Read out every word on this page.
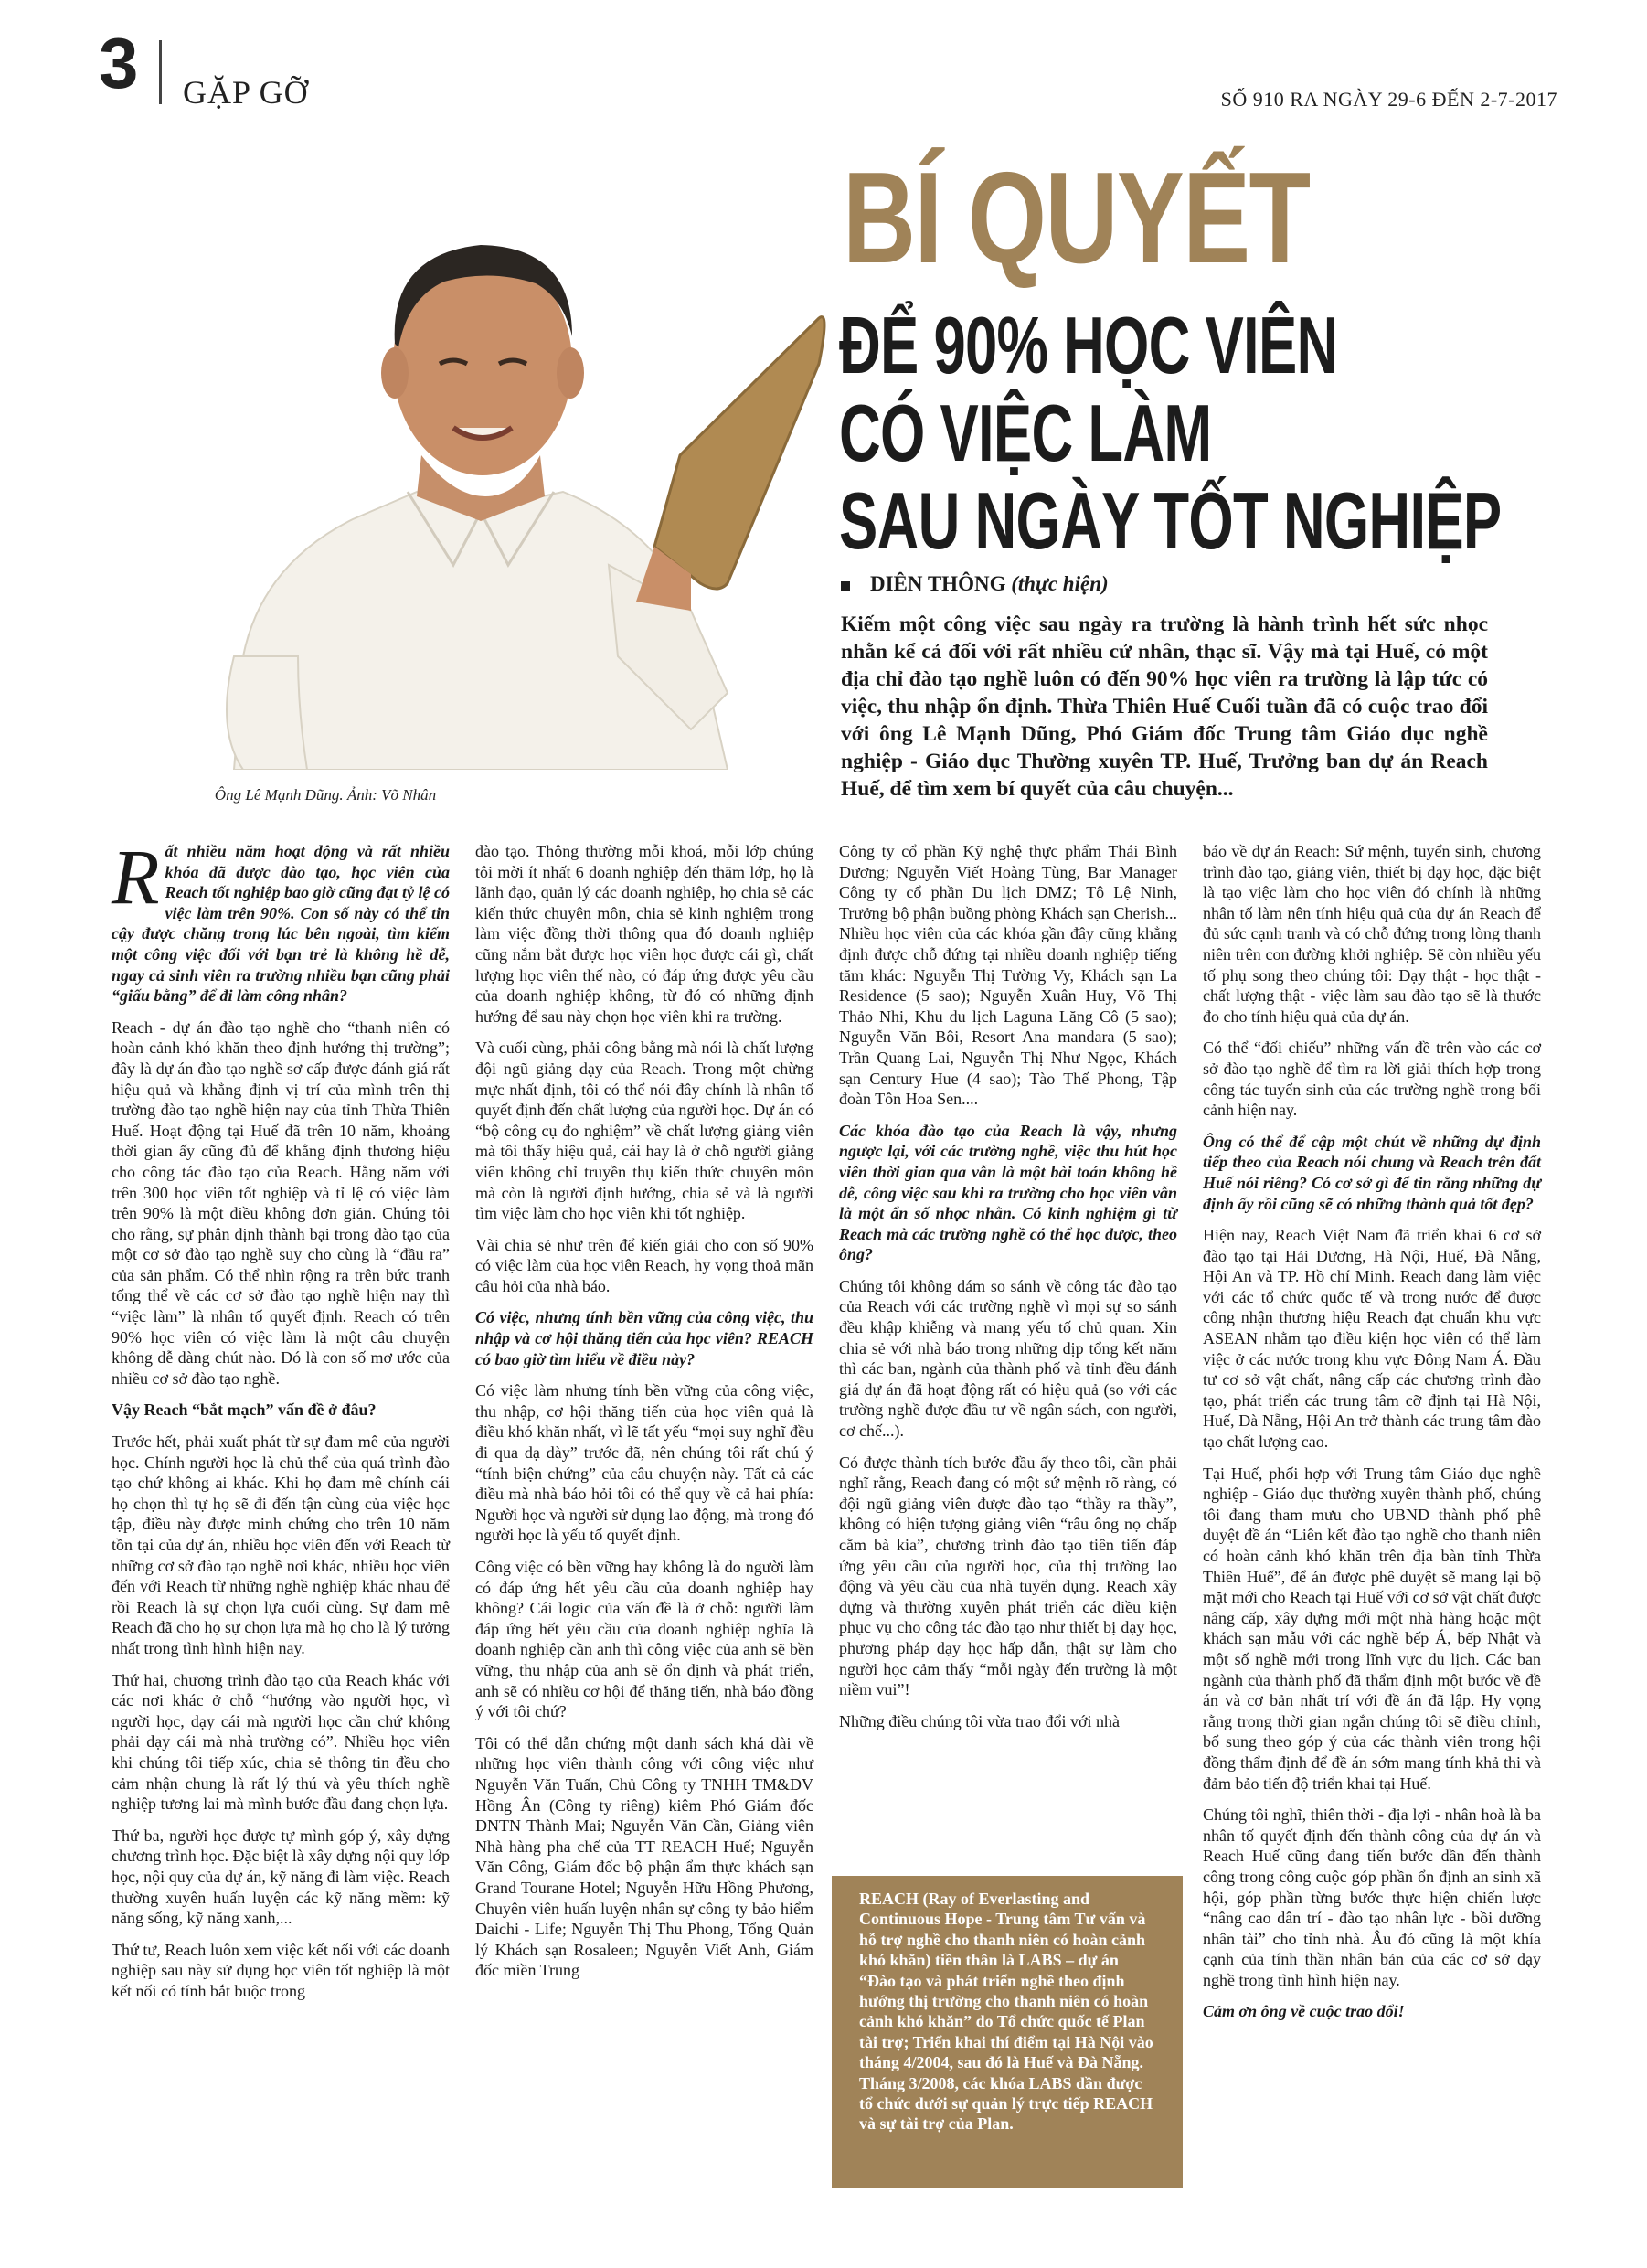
3 GẶP GỠ	SỐ 910 RA NGÀY 29-6 ĐẾN 2-7-2017
Ông Lê Mạnh Dũng. Ảnh: Võ Nhân
BÍ QUYẾT
ĐỂ 90% HỌC VIÊN
CÓ VIỆC LÀM
SAU NGÀY TỐT NGHIỆP
DIÊN THÔNG (thực hiện)
Kiếm một công việc sau ngày ra trường là hành trình hết sức nhọc nhằn kể cả đối với rất nhiều cử nhân, thạc sĩ. Vậy mà tại Huế, có một địa chỉ đào tạo nghề luôn có đến 90% học viên ra trường là lập tức có việc, thu nhập ổn định. Thừa Thiên Huế Cuối tuần đã có cuộc trao đổi với ông Lê Mạnh Dũng, Phó Giám đốc Trung tâm Giáo dục nghề nghiệp - Giáo dục Thường xuyên TP. Huế, Trưởng ban dự án Reach Huế, để tìm xem bí quyết của câu chuyện...

Rất nhiều năm hoạt động và rất nhiều khóa đã được đào tạo, học viên của Reach tốt nghiệp bao giờ cũng đạt tỷ lệ có việc làm trên 90%. Con số này có thể tin cậy được chăng trong lúc bên ngoài, tìm kiếm một công việc đối với bạn trẻ là không hề dễ, ngay cả sinh viên ra trường nhiều bạn cũng phải “giấu bằng” để đi làm công nhân?

Reach - dự án đào tạo nghề cho “thanh niên có hoàn cảnh khó khăn theo định hướng thị trường”; đây là dự án đào tạo nghề sơ cấp được đánh giá rất hiệu quả và khẳng định vị trí của mình trên thị trường đào tạo nghề hiện nay của tỉnh Thừa Thiên Huế. Hoạt động tại Huế đã trên 10 năm, khoảng thời gian ấy cũng đủ để khẳng định thương hiệu cho công tác đào tạo của Reach. Hằng năm với trên 300 học viên tốt nghiệp và tỉ lệ có việc làm trên 90% là một điều không đơn giản. Chúng tôi cho rằng, sự phân định thành bại trong đào tạo của một cơ sở đào tạo nghề suy cho cùng là “đầu ra” của sản phẩm. Có thể nhìn rộng ra trên bức tranh tổng thể về các cơ sở đào tạo nghề hiện nay thì “việc làm” là nhân tố quyết định. Reach có trên 90% học viên có việc làm là một câu chuyện không dễ dàng chút nào. Đó là con số mơ ước của nhiều cơ sở đào tạo nghề.

Vậy Reach “bắt mạch” vấn đề ở đâu?

Trước hết, phải xuất phát từ sự đam mê của người học. Chính người học là chủ thể của quá trình đào tạo chứ không ai khác. Khi họ đam mê chính cái họ chọn thì tự họ sẽ đi đến tận cùng của việc học tập, điều này được minh chứng cho trên 10 năm tồn tại của dự án, nhiều học viên đến với Reach từ những cơ sở đào tạo nghề nơi khác, nhiều học viên đến với Reach từ những nghề nghiệp khác nhau để rồi Reach là sự chọn lựa cuối cùng. Sự đam mê Reach đã cho họ sự chọn lựa mà họ cho là lý tưởng nhất trong tình hình hiện nay.

Thứ hai, chương trình đào tạo của Reach khác với các nơi khác ở chỗ “hướng vào người học, vì người học, dạy cái mà người học cần chứ không phải dạy cái mà nhà trường có”. Nhiều học viên khi chúng tôi tiếp xúc, chia sẻ thông tin đều cho cảm nhận chung là rất lý thú và yêu thích nghề nghiệp tương lai mà mình bước đầu đang chọn lựa.

Thứ ba, người học được tự mình góp ý, xây dựng chương trình học. Đặc biệt là xây dựng nội quy lớp học, nội quy của dự án, kỹ năng đi làm việc. Reach thường xuyên huấn luyện các kỹ năng mềm: kỹ năng sống, kỹ năng xanh,...

Thứ tư, Reach luôn xem việc kết nối với các doanh nghiệp sau này sử dụng học viên tốt nghiệp là một kết nối có tính bắt buộc trong

đào tạo. Thông thường mỗi khoá, mỗi lớp chúng tôi mời ít nhất 6 doanh nghiệp đến thăm lớp, họ là lãnh đạo, quản lý các doanh nghiệp, họ chia sẻ các kiến thức chuyên môn, chia sẻ kinh nghiệm trong làm việc đồng thời thông qua đó doanh nghiệp cũng nắm bắt được học viên học được cái gì, chất lượng học viên thế nào, có đáp ứng được yêu cầu của doanh nghiệp không, từ đó có những định hướng để sau này chọn học viên khi ra trường.

Và cuối cùng, phải công bằng mà nói là chất lượng đội ngũ giảng dạy của Reach. Trong một chừng mực nhất định, tôi có thể nói đây chính là nhân tố quyết định đến chất lượng của người học. Dự án có “bộ công cụ đo nghiệm” về chất lượng giảng viên mà tôi thấy hiệu quả, cái hay là ở chỗ người giảng viên không chỉ truyền thụ kiến thức chuyên môn mà còn là người định hướng, chia sẻ và là người tìm việc làm cho học viên khi tốt nghiệp.

Vài chia sẻ như trên để kiến giải cho con số 90% có việc làm của học viên Reach, hy vọng thoả mãn câu hỏi của nhà báo.

Có việc, nhưng tính bền vững của công việc, thu nhập và cơ hội thăng tiến của học viên? REACH có bao giờ tìm hiểu về điều này?

Có việc làm nhưng tính bền vững của công việc, thu nhập, cơ hội thăng tiến của học viên quả là điều khó khăn nhất, vì lẽ tất yếu “mọi suy nghĩ đều đi qua dạ dày” trước đã, nên chúng tôi rất chú ý “tính biện chứng” của câu chuyện này. Tất cả các điều mà nhà báo hỏi tôi có thể quy về cả hai phía: Người học và người sử dụng lao động, mà trong đó người học là yếu tố quyết định.

Công việc có bền vững hay không là do người làm có đáp ứng hết yêu cầu của doanh nghiệp hay không? Cái logic của vấn đề là ở chỗ: người làm đáp ứng hết yêu cầu của doanh nghiệp nghĩa là doanh nghiệp cần anh thì công việc của anh sẽ bền vững, thu nhập của anh sẽ ổn định và phát triển, anh sẽ có nhiều cơ hội để thăng tiến, nhà báo đồng ý với tôi chứ?

Tôi có thể dẫn chứng một danh sách khá dài về những học viên thành công với công việc như Nguyễn Văn Tuấn, Chủ Công ty TNHH TM&DV Hồng Ân (Công ty riêng) kiêm Phó Giám đốc DNTN Thành Mai; Nguyễn Văn Cần, Giảng viên Nhà hàng pha chế của TT REACH Huế; Nguyễn Văn Công, Giám đốc bộ phận ẩm thực khách sạn Grand Tourane Hotel; Nguyễn Hữu Hồng Phương, Chuyên viên huấn luyện nhân sự công ty bảo hiểm Daichi - Life; Nguyễn Thị Thu Phong, Tổng Quản lý Khách sạn Rosaleen; Nguyễn Viết Anh, Giám đốc miền Trung

Công ty cổ phần Kỹ nghệ thực phẩm Thái Bình Dương; Nguyễn Viết Hoàng Tùng, Bar Manager Công ty cổ phần Du lịch DMZ; Tô Lệ Ninh, Trưởng bộ phận buồng phòng Khách sạn Cherish... Nhiều học viên của các khóa gần đây cũng khẳng định được chỗ đứng tại nhiều doanh nghiệp tiếng tăm khác: Nguyễn Thị Tường Vy, Khách sạn La Residence (5 sao); Nguyễn Xuân Huy, Võ Thị Thảo Nhi, Khu du lịch Laguna Lăng Cô (5 sao); Nguyễn Văn Bôi, Resort Ana mandara (5 sao); Trần Quang Lai, Nguyễn Thị Như Ngọc, Khách sạn Century Hue (4 sao); Tào Thế Phong, Tập đoàn Tôn Hoa Sen....

Các khóa đào tạo của Reach là vậy, nhưng ngược lại, với các trường nghề, việc thu hút học viên thời gian qua vẫn là một bài toán không hề dễ, công việc sau khi ra trường cho học viên vẫn là một ẩn số nhọc nhằn. Có kinh nghiệm gì từ Reach mà các trường nghề có thể học được, theo ông?

Chúng tôi không dám so sánh về công tác đào tạo của Reach với các trường nghề vì mọi sự so sánh đều khập khiễng và mang yếu tố chủ quan. Xin chia sẻ với nhà báo trong những dịp tổng kết năm thì các ban, ngành của thành phố và tỉnh đều đánh giá dự án đã hoạt động rất có hiệu quả (so với các trường nghề được đầu tư về ngân sách, con người, cơ chế...).

Có được thành tích bước đầu ấy theo tôi, cần phải nghĩ rằng, Reach đang có một sứ mệnh rõ ràng, có đội ngũ giảng viên được đào tạo “thầy ra thầy”, không có hiện tượng giảng viên “râu ông nọ chấp cằm bà kia”, chương trình đào tạo tiên tiến đáp ứng yêu cầu của người học, của thị trường lao động và yêu cầu của nhà tuyển dụng. Reach xây dựng và thường xuyên phát triển các điều kiện phục vụ cho công tác đào tạo như thiết bị dạy học, phương pháp dạy học hấp dẫn, thật sự làm cho người học cảm thấy “mỗi ngày đến trường là một niềm vui”!

Những điều chúng tôi vừa trao đổi với nhà

REACH (Ray of Everlasting and Continuous Hope - Trung tâm Tư vấn và hỗ trợ nghề cho thanh niên có hoàn cảnh khó khăn) tiền thân là LABS – dự án “Đào tạo và phát triển nghề theo định hướng thị trường cho thanh niên có hoàn cảnh khó khăn” do Tổ chức quốc tế Plan tài trợ; Triển khai thí điểm tại Hà Nội vào tháng 4/2004, sau đó là Huế và Đà Nẵng. Tháng 3/2008, các khóa LABS dần được tổ chức dưới sự quản lý trực tiếp REACH và sự tài trợ của Plan.

báo về dự án Reach: Sứ mệnh, tuyển sinh, chương trình đào tạo, giảng viên, thiết bị dạy học, đặc biệt là tạo việc làm cho học viên đó chính là những nhân tố làm nên tính hiệu quả của dự án Reach để đủ sức cạnh tranh và có chỗ đứng trong lòng thanh niên trên con đường khởi nghiệp. Sẽ còn nhiều yếu tố phụ song theo chúng tôi: Dạy thật - học thật - chất lượng thật - việc làm sau đào tạo sẽ là thước đo cho tính hiệu quả của dự án.

Có thể “đối chiếu” những vấn đề trên vào các cơ sở đào tạo nghề để tìm ra lời giải thích hợp trong công tác tuyển sinh của các trường nghề trong bối cảnh hiện nay.

Ông có thể để cập một chút về những dự định tiếp theo của Reach nói chung và Reach trên đất Huế nói riêng? Có cơ sở gì để tin rằng những dự định ấy rồi cũng sẽ có những thành quả tốt đẹp?

Hiện nay, Reach Việt Nam đã triển khai 6 cơ sở đào tạo tại Hải Dương, Hà Nội, Huế, Đà Nẵng, Hội An và TP. Hồ chí Minh. Reach đang làm việc với các tổ chức quốc tế và trong nước để được công nhận thương hiệu Reach đạt chuẩn khu vực ASEAN nhằm tạo điều kiện học viên có thể làm việc ở các nước trong khu vực Đông Nam Á. Đầu tư cơ sở vật chất, nâng cấp các chương trình đào tạo, phát triển các trung tâm cỡ định tại Hà Nội, Huế, Đà Nẵng, Hội An trở thành các trung tâm đào tạo chất lượng cao.

Tại Huế, phối hợp với Trung tâm Giáo dục nghề nghiệp - Giáo dục thường xuyên thành phố, chúng tôi đang tham mưu cho UBND thành phố phê duyệt đề án “Liên kết đào tạo nghề cho thanh niên có hoàn cảnh khó khăn trên địa bàn tỉnh Thừa Thiên Huế”, để án được phê duyệt sẽ mang lại bộ mặt mới cho Reach tại Huế với cơ sở vật chất được nâng cấp, xây dựng mới một nhà hàng hoặc một khách sạn mẫu với các nghề bếp Á, bếp Nhật và một số nghề mới trong lĩnh vực du lịch. Các ban ngành của thành phố đã thẩm định một bước về đề án và cơ bản nhất trí với đề án đã lập. Hy vọng rằng trong thời gian ngắn chúng tôi sẽ điều chỉnh, bổ sung theo góp ý của các thành viên trong hội đồng thẩm định để đề án sớm mang tính khả thi và đảm bảo tiến độ triển khai tại Huế.

Chúng tôi nghĩ, thiên thời - địa lợi - nhân hoà là ba nhân tố quyết định đến thành công của dự án và Reach Huế cũng đang tiến bước dần đến thành công trong công cuộc góp phần ổn định an sinh xã hội, góp phần từng bước thực hiện chiến lược “nâng cao dân trí - đào tạo nhân lực - bồi dưỡng nhân tài” cho tỉnh nhà. Âu đó cũng là một khía cạnh của tính thần nhân bản của các cơ sở dạy nghề trong tình hình hiện nay.

Cảm ơn ông về cuộc trao đổi!
